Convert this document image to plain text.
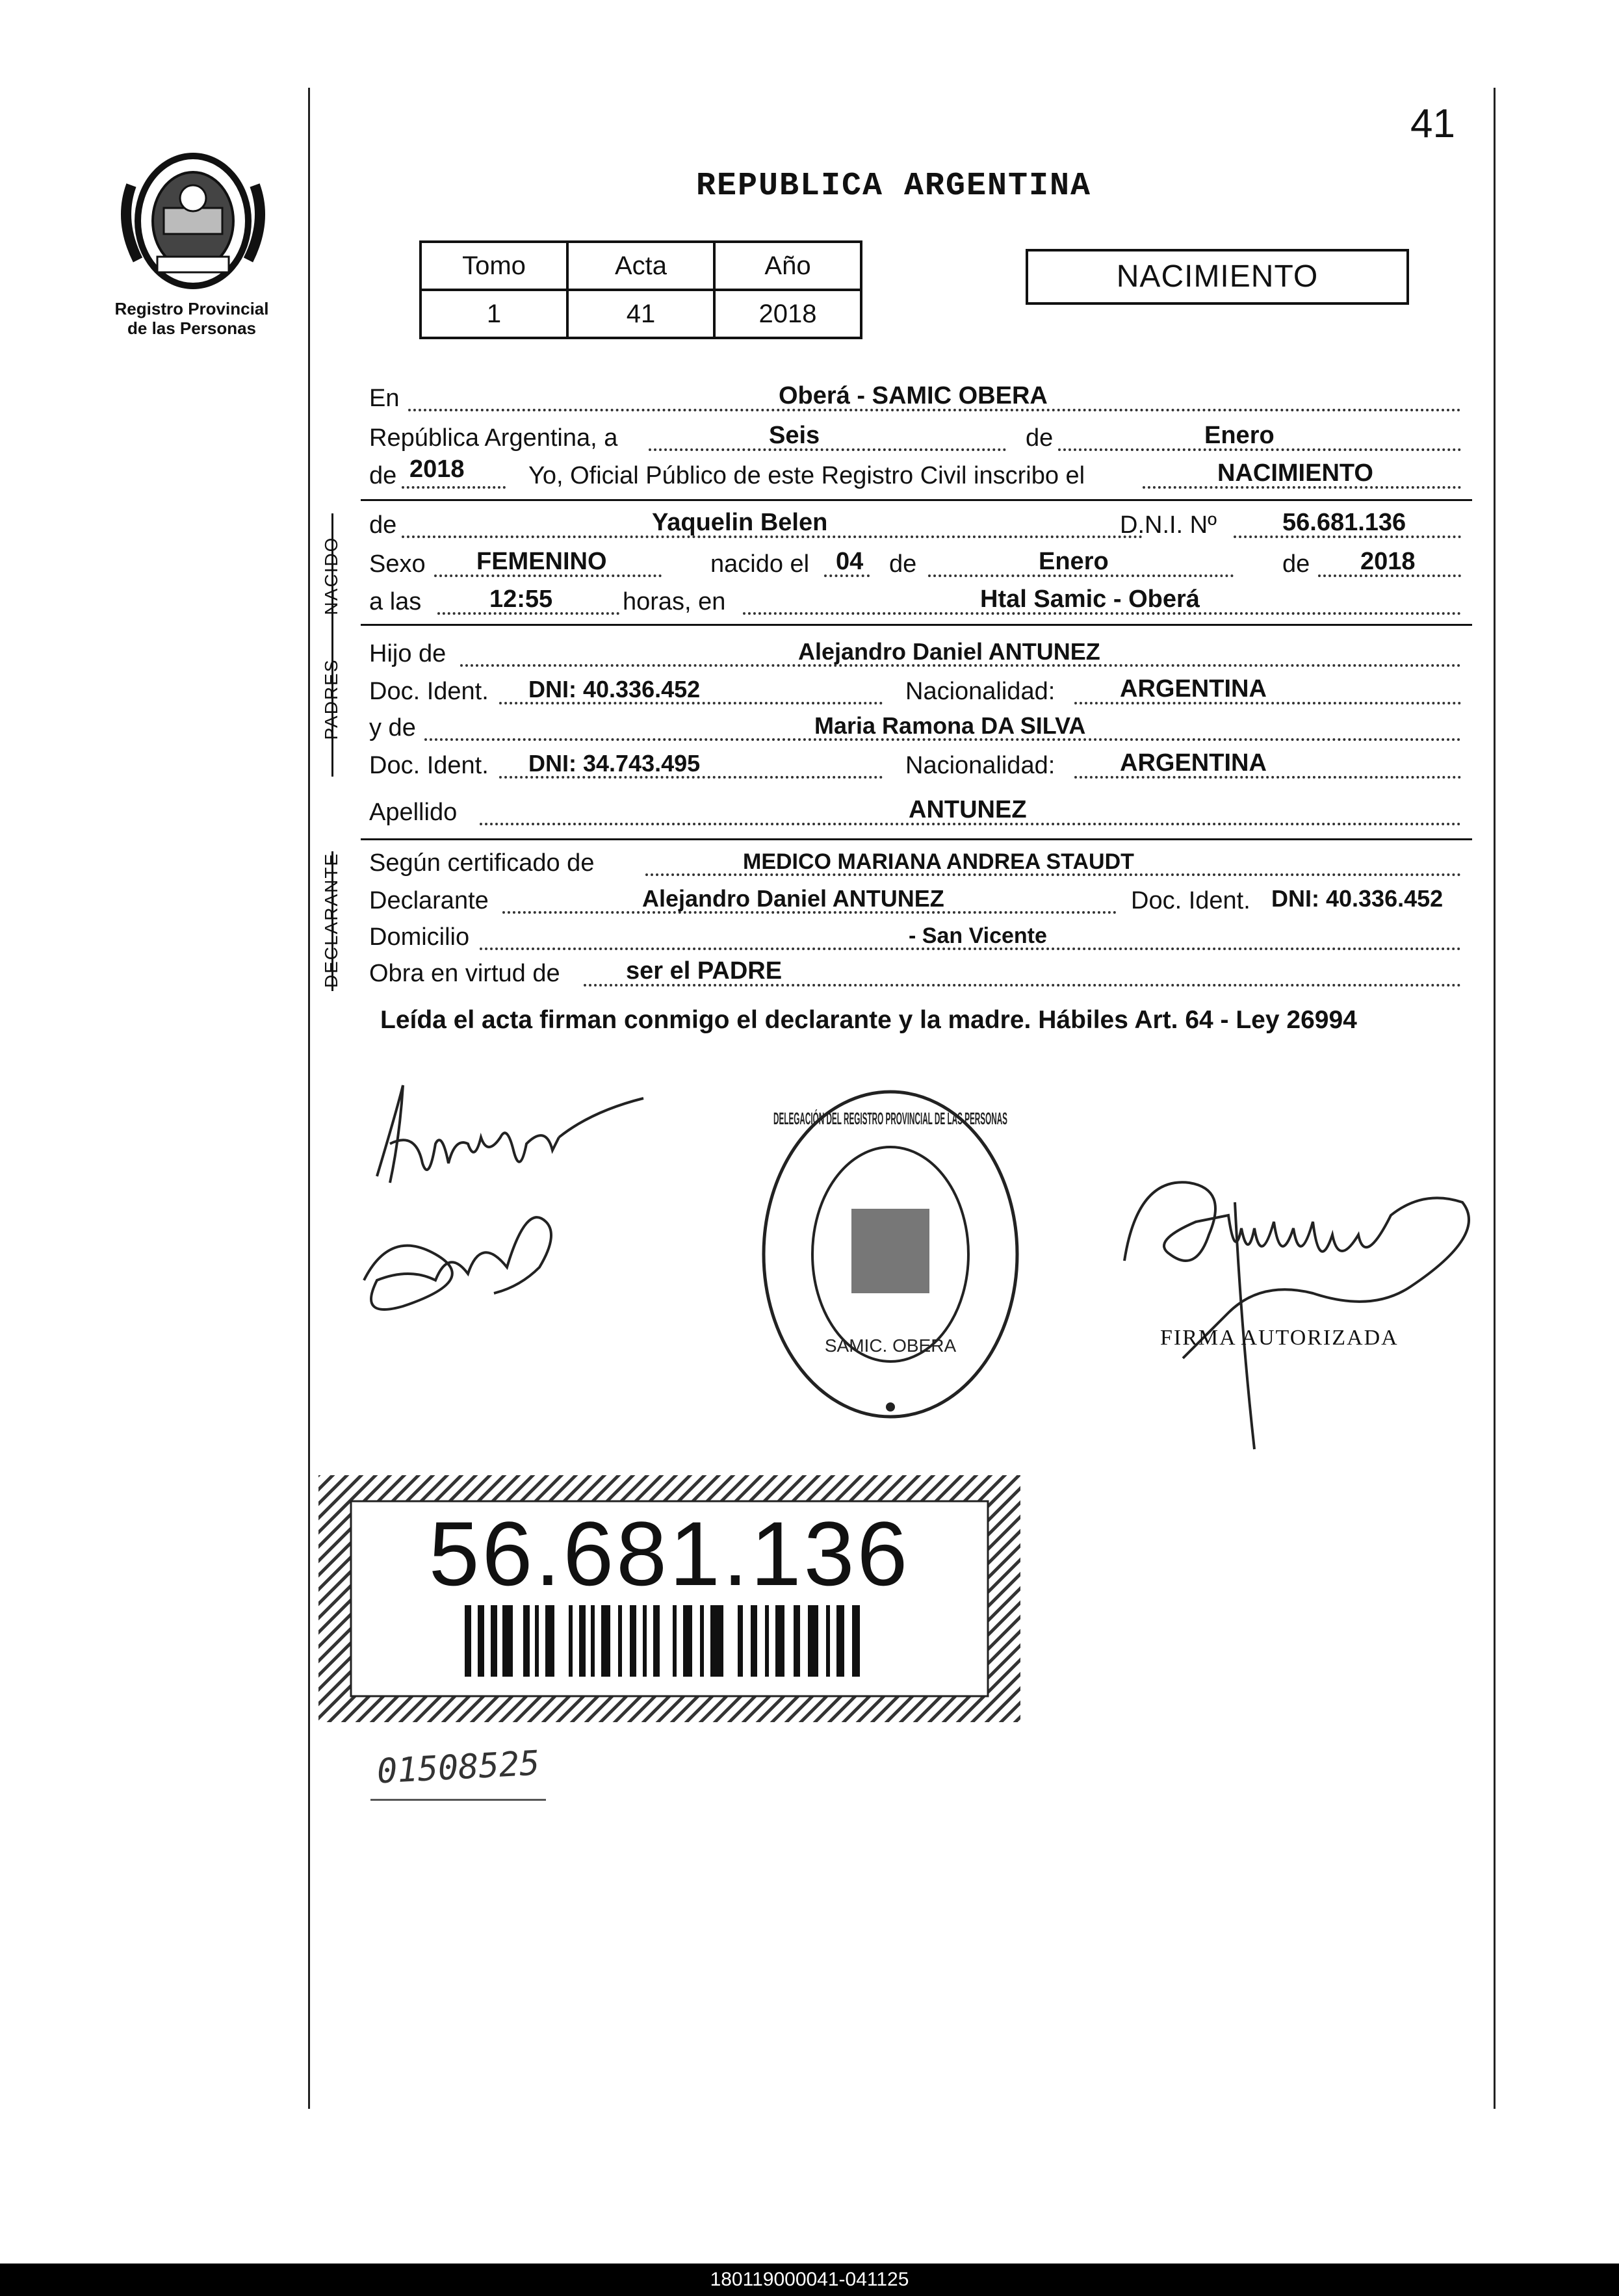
41
Registro Provincial
de las Personas
REPUBLICA ARGENTINA
Tomo	Acta	Año
1	41	2018
NACIMIENTO
En	Oberá - SAMIC OBERA
República Argentina, a	Seis	de	Enero
de 2018	Yo, Oficial Público de este Registro Civil inscribo el	NACIMIENTO
NACIDO
de	Yaquelin Belen	D.N.I. Nº	56.681.136
Sexo FEMENINO	nacido el 04 de	Enero	de 2018
a las	12:55	horas, en	Htal Samic - Oberá
PADRES
Hijo de	Alejandro Daniel ANTUNEZ
Doc. Ident. DNI: 40.336.452	Nacionalidad:	ARGENTINA
y de	Maria Ramona DA SILVA
Doc. Ident. DNI: 34.743.495	Nacionalidad:	ARGENTINA
Apellido	ANTUNEZ
DECLARANTE Según certificado de	MEDICO MARIANA ANDREA STAUDT
Declarante	Alejandro Daniel ANTUNEZ	Doc. Ident. DNI: 40.336.452
Domicilio	- San Vicente
Obra en virtud de	ser el PADRE
Leída el acta firman conmigo el declarante y la madre. Hábiles Art. 64 - Ley 26994
DELEGACIÓN DEL REGISTRO PROVINCIAL DE LAS PERSONAS
SAMIC. OBERA	FIRMA AUTORIZADA
56.681.136
01508525
180119000041-041125
